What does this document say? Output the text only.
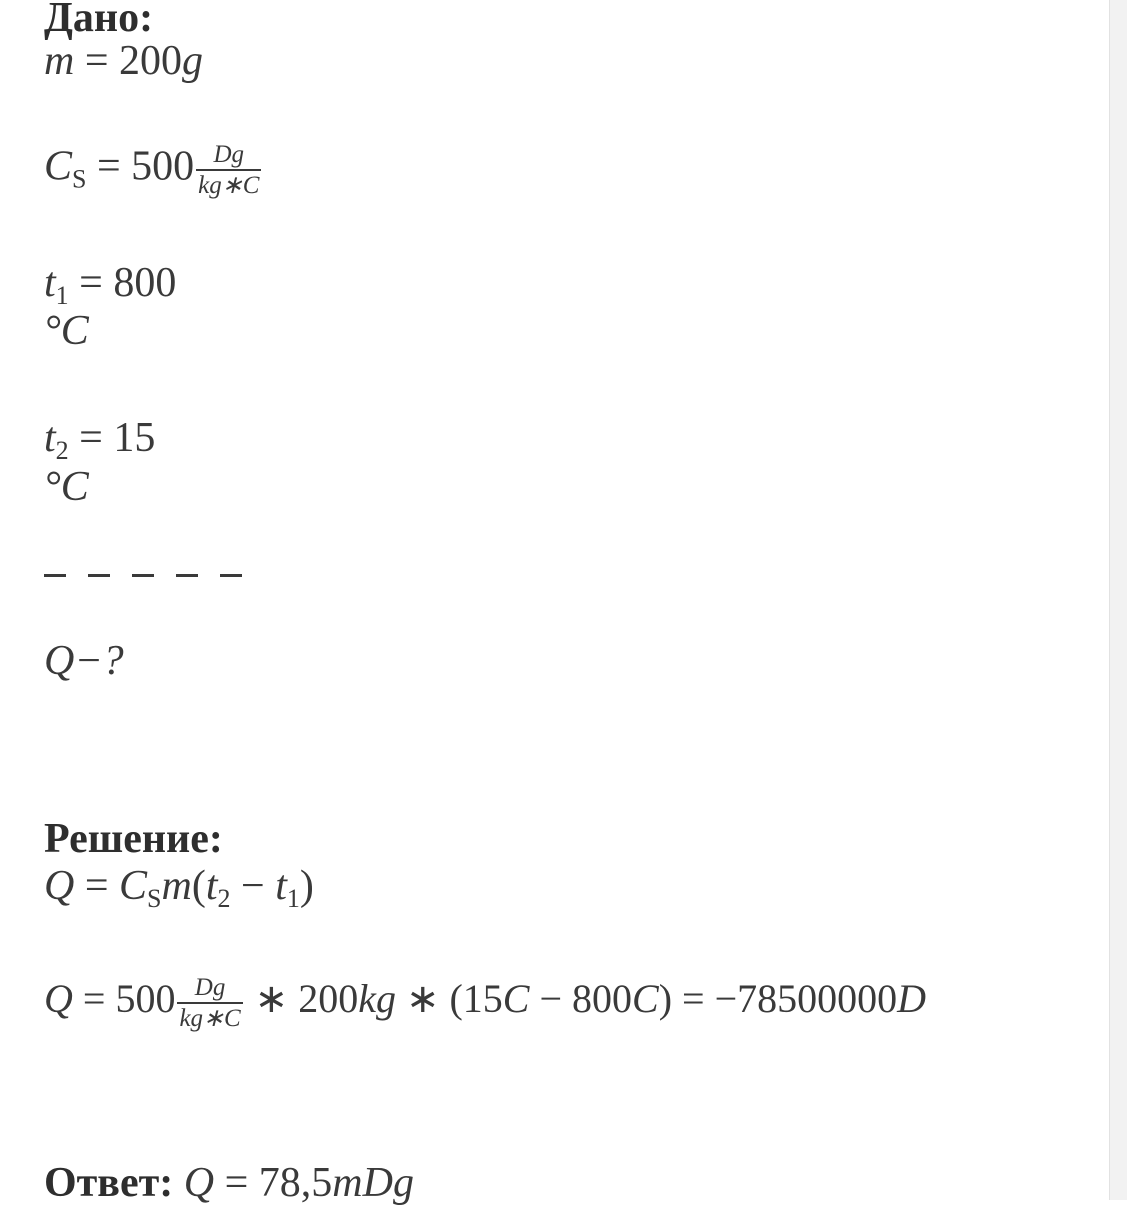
Дано:
m = 200g
$C_S = 500 \frac{Dg}{kg∗C}$
$t_1 = 800$
°C
$t_2 = 15$
°C
Q−?
Решение:
$Q = C_Sm(t_2 - t_1)$
$Q = 500 \frac{Dg}{kg∗C}$ ∗ 200kg ∗ (15C − 800C) = −78500000D
Ответ: Q = 78,5mDg
